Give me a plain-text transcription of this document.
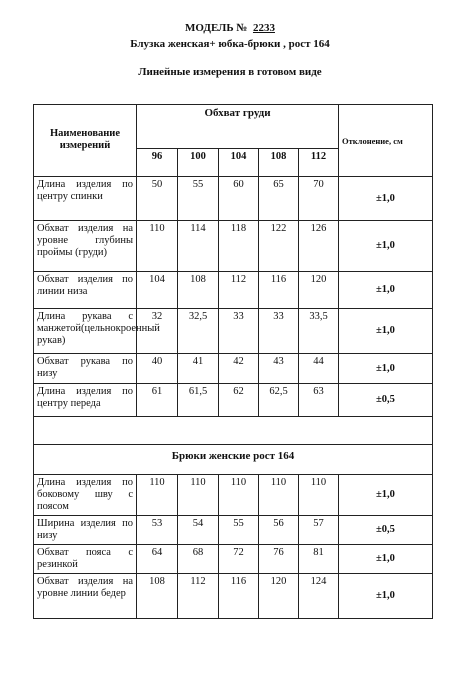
МОДЕЛЬ № 2233
Блузка женская+ юбка-брюки , рост 164
Линейные измерения в готовом виде
Наименование измерений	Обхват груди					Отклонение, см
	96	100	104	108	112	
Длина изделия по центру спинки	50	55	60	65	70	±1,0
Обхват изделия на уровне глубины проймы (груди)	110	114	118	122	126	±1,0
Обхват изделия по линии низа	104	108	112	116	120	±1,0
Длина рукава с манжетой(цельнокроенный рукав)	32	32,5	33	33	33,5	±1,0
Обхват рукава по низу	40	41	42	43	44	±1,0
Длина изделия по центру переда	61	61,5	62	62,5	63	±0,5

Брюки женские рост 164						
Длина изделия по боковому шву с поясом	110	110	110	110	110	±1,0
Ширина изделия по низу	53	54	55	56	57	±0,5
Обхват пояса с резинкой	64	68	72	76	81	±1,0
Обхват изделия на уровне линии бедер	108	112	116	120	124	±1,0
